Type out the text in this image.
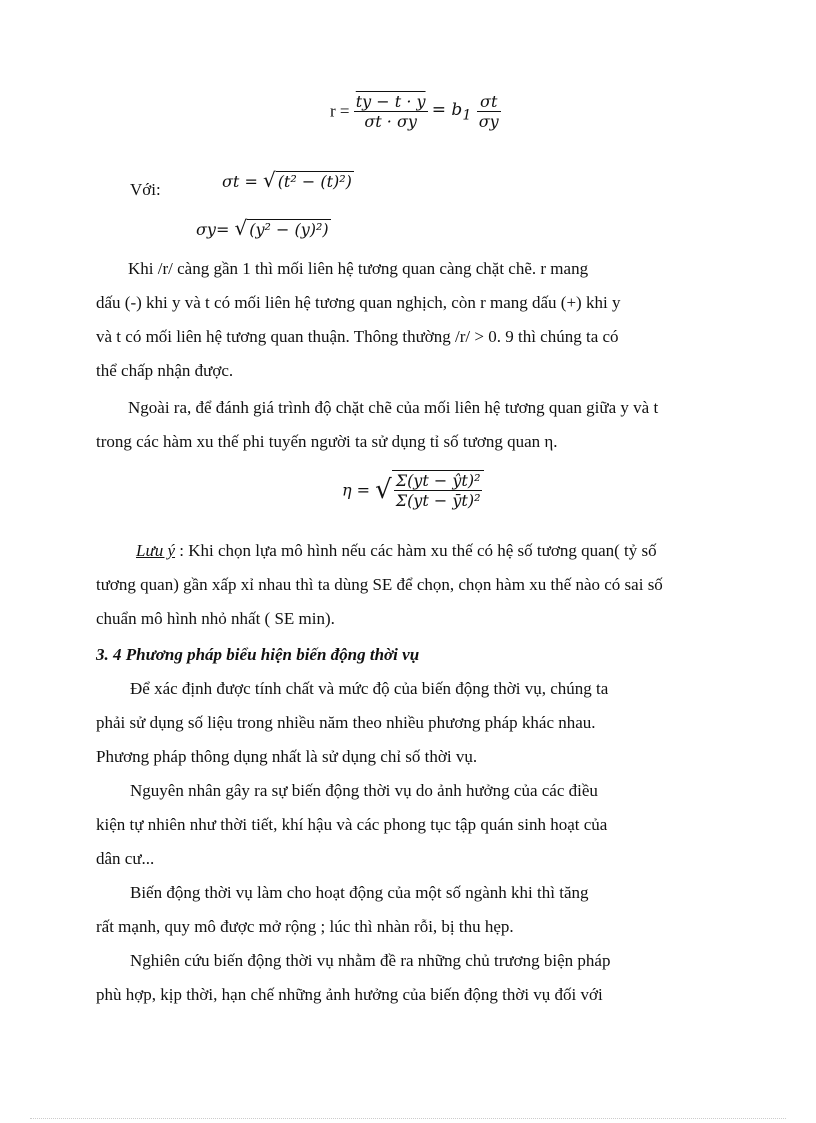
$r = \frac{ty - t \cdot y}{\sigma t \cdot \sigma y} = b_1 \frac{\sigma t}{\sigma y}$
Với:	σt = √ (t² − (t)²)
σy= √ (y² − (y)²)
Khi /r/ càng gần 1 thì mối liên hệ tương quan càng chặt chẽ. r mang
dấu (-) khi y và t có mối liên hệ tương quan nghịch, còn r mang dấu (+) khi y
và t có mối liên hệ tương quan thuận. Thông thường /r/ > 0. 9 thì chúng ta có
thể chấp nhận được.
Ngoài ra, để đánh giá trình độ chặt chẽ của mối liên hệ tương quan giữa y và t
trong các hàm xu thế phi tuyến người ta sử dụng tỉ số tương quan η.
η = √ $\frac{\text{Σ(yt − ŷt)²}}{\text{Σ(yt − ȳt)²}}$
Lưu ý : Khi chọn lựa mô hình nếu các hàm xu thế có hệ số tương quan( tỷ số
tương quan) gần xấp xỉ nhau thì ta dùng SE để chọn, chọn hàm xu thế nào có sai số
chuẩn mô hình nhỏ nhất ( SE min).
3. 4 Phương pháp biểu hiện biến động thời vụ
Để xác định được tính chất và mức độ của biến động thời vụ, chúng ta
phải sử dụng số liệu trong nhiều năm theo nhiều phương pháp khác nhau.
Phương pháp thông dụng nhất là sử dụng chỉ số thời vụ.
Nguyên nhân gây ra sự biến động thời vụ do ảnh hưởng của các điều
kiện tự nhiên như thời tiết, khí hậu và các phong tục tập quán sinh hoạt của
dân cư...
Biến động thời vụ làm cho hoạt động của một số ngành khi thì tăng
rất mạnh, quy mô được mở rộng ; lúc thì nhàn rỗi, bị thu hẹp.
Nghiên cứu biến động thời vụ nhằm đề ra những chủ trương biện pháp
phù hợp, kịp thời, hạn chế những ảnh hưởng của biến động thời vụ đối với
